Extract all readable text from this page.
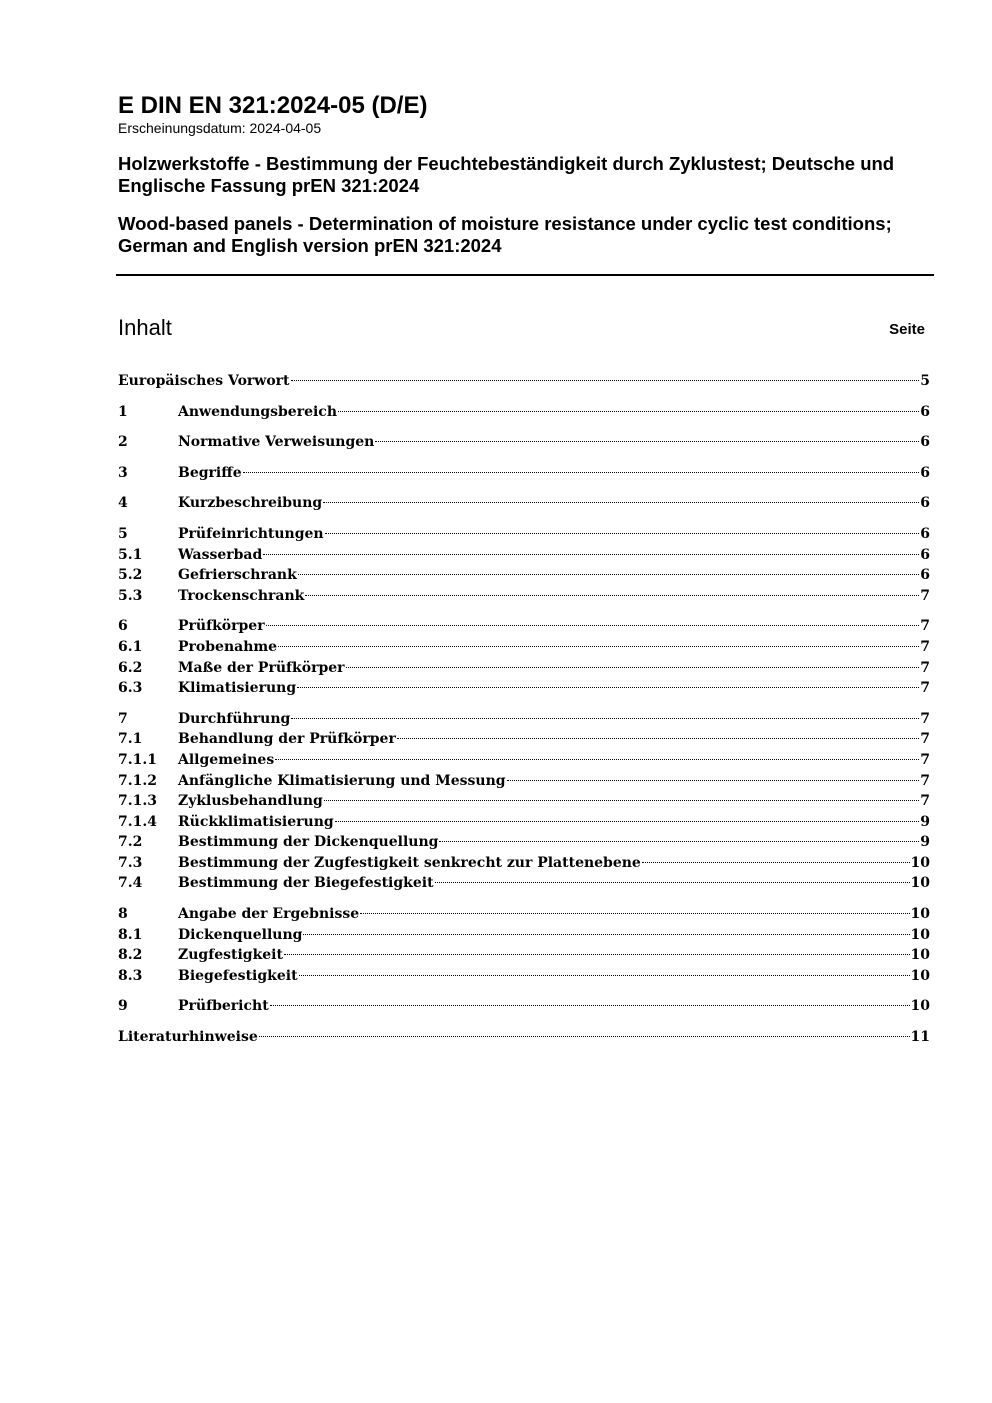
E DIN EN 321:2024-05 (D/E)

Erscheinungsdatum: 2024-04-05

Holzwerkstoffe - Bestimmung der Feuchtebeständigkeit durch Zyklustest; Deutsche und Englische Fassung prEN 321:2024

Wood-based panels - Determination of moisture resistance under cyclic test conditions; German and English version prEN 321:2024

Inhalt	Seite
Europäisches Vorwort	5
1	Anwendungsbereich	6
2	Normative Verweisungen	6
3	Begriffe	6
4	Kurzbeschreibung	6
5	Prüfeinrichtungen	6
5.1	Wasserbad	6
5.2	Gefrierschrank	6
5.3	Trockenschrank	7
6	Prüfkörper	7
6.1	Probenahme	7
6.2	Maße der Prüfkörper	7
6.3	Klimatisierung	7
7	Durchführung	7
7.1	Behandlung der Prüfkörper	7
7.1.1	Allgemeines	7
7.1.2	Anfängliche Klimatisierung und Messung	7
7.1.3	Zyklusbehandlung	7
7.1.4	Rückklimatisierung	9
7.2	Bestimmung der Dickenquellung	9
7.3	Bestimmung der Zugfestigkeit senkrecht zur Plattenebene	10
7.4	Bestimmung der Biegefestigkeit	10
8	Angabe der Ergebnisse	10
8.1	Dickenquellung	10
8.2	Zugfestigkeit	10
8.3	Biegefestigkeit	10
9	Prüfbericht	10
Literaturhinweise	11
